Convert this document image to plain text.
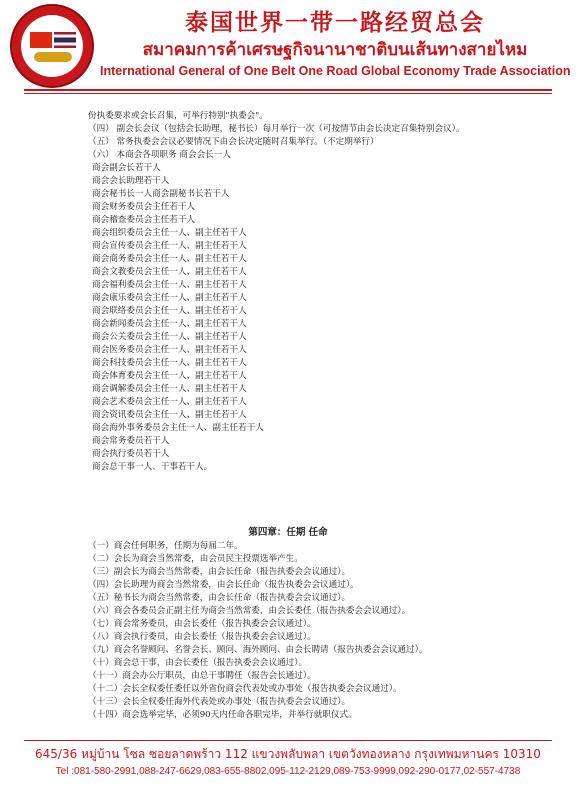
泰国世界一带一路经贸总会
สมาคมการค้าเศรษฐกิจนานาชาติบนเส้นทางสายไหม
International General of One Belt One Road Global Economy Trade Association
份执委要求或会长召集，可举行特别"执委会"。
（四） 副会长会议（包括会长助理，秘书长）每月举行一次（可按情节由会长决定召集特别会议）。
（五） 常务执委会会议必要情况下由会长决定随时召集举行。（不定期举行）
（六） 本商会各项职务 商会会长一人
商会副会长若干人
商会会长助理若干人
商会秘书长一人商会副秘书长若干人
商会财务委员会主任若干人
商会稽查委员会主任若干人
商会组织委员会主任一人、副主任若干人
商会宣传委员会主任一人、副主任若干人
商会商务委员会主任一人、副主任若干人
商会文教委员会主任一人、副主任若干人
商会福利委员会主任一人、副主任若干人
商会康乐委员会主任一人、副主任若干人
商会联络委员会主任一人、副主任若干人
商会新闻委员会主任一人、副主任若干人
商会公关委员会主任一人、副主任若干人
商会医务委员会主任一人、副主任若干人
商会科技委员会主任一人、副主任若干人
商会体育委员会主任一人、副主任若干人
商会调解委员会主任一人、副主任若干人
商会艺术委员会主任一人、副主任若干人
商会资讯委员会主任一人、副主任若干人
商会海外事务委员会主任一人、副主任若干人
商会常务委员若干人
商会执行委员若干人
商会总干事一人、干事若干人。
第四章：任期 任命
（一）商会任何职务，任期为每届二年。
（二）会长为商会当然常委，由会员民主投票选举产生。
（三）副会长为商会当然常委，由会长任命（报告执委会会议通过）。
（四）会长助理为商会当然常委，由会长任命（报告执委会会议通过）。
（五）秘书长为商会当然常委，由会长任命（报告执委会会议通过）。
（六）商会各委员会正副主任为商会当然常委，由会长委任（报告执委会会议通过）。
（七）商会常务委员，由会长委任（报告执委会会议通过）。
（八）商会执行委员，由会长委任（报告执委会会议通过）。
（九）商会名誉顾问、名誉会长、顾问、海外顾问、由会长聘请（报告执委会会议通过）。
（十）商会总干事，由会长委任（报告执委会会议通过）。
（十一）商会办公厅职员，由总干事聘任（报告会长通过）。
（十二）会长全权委任委任以外省份商会代表处或办事处（报告执委会会议通过）。
（十三）会长全权委任海外代表处或办事处（报告执委会会议通过）。
（十四）商会选举完毕，必须90天内任命各职完毕，并举行就职仪式。
645/36 หมู่บ้าน โซล ซอยลาดพร้าว 112 แขวงพลับพลา เขตวังทองหลาง กรุงเทพมหานคร 10310
Tel :081-580-2991,088-247-6629,083-655-8802,095-112-2129,089-753-9999,092-290-0177,02-557-4738
